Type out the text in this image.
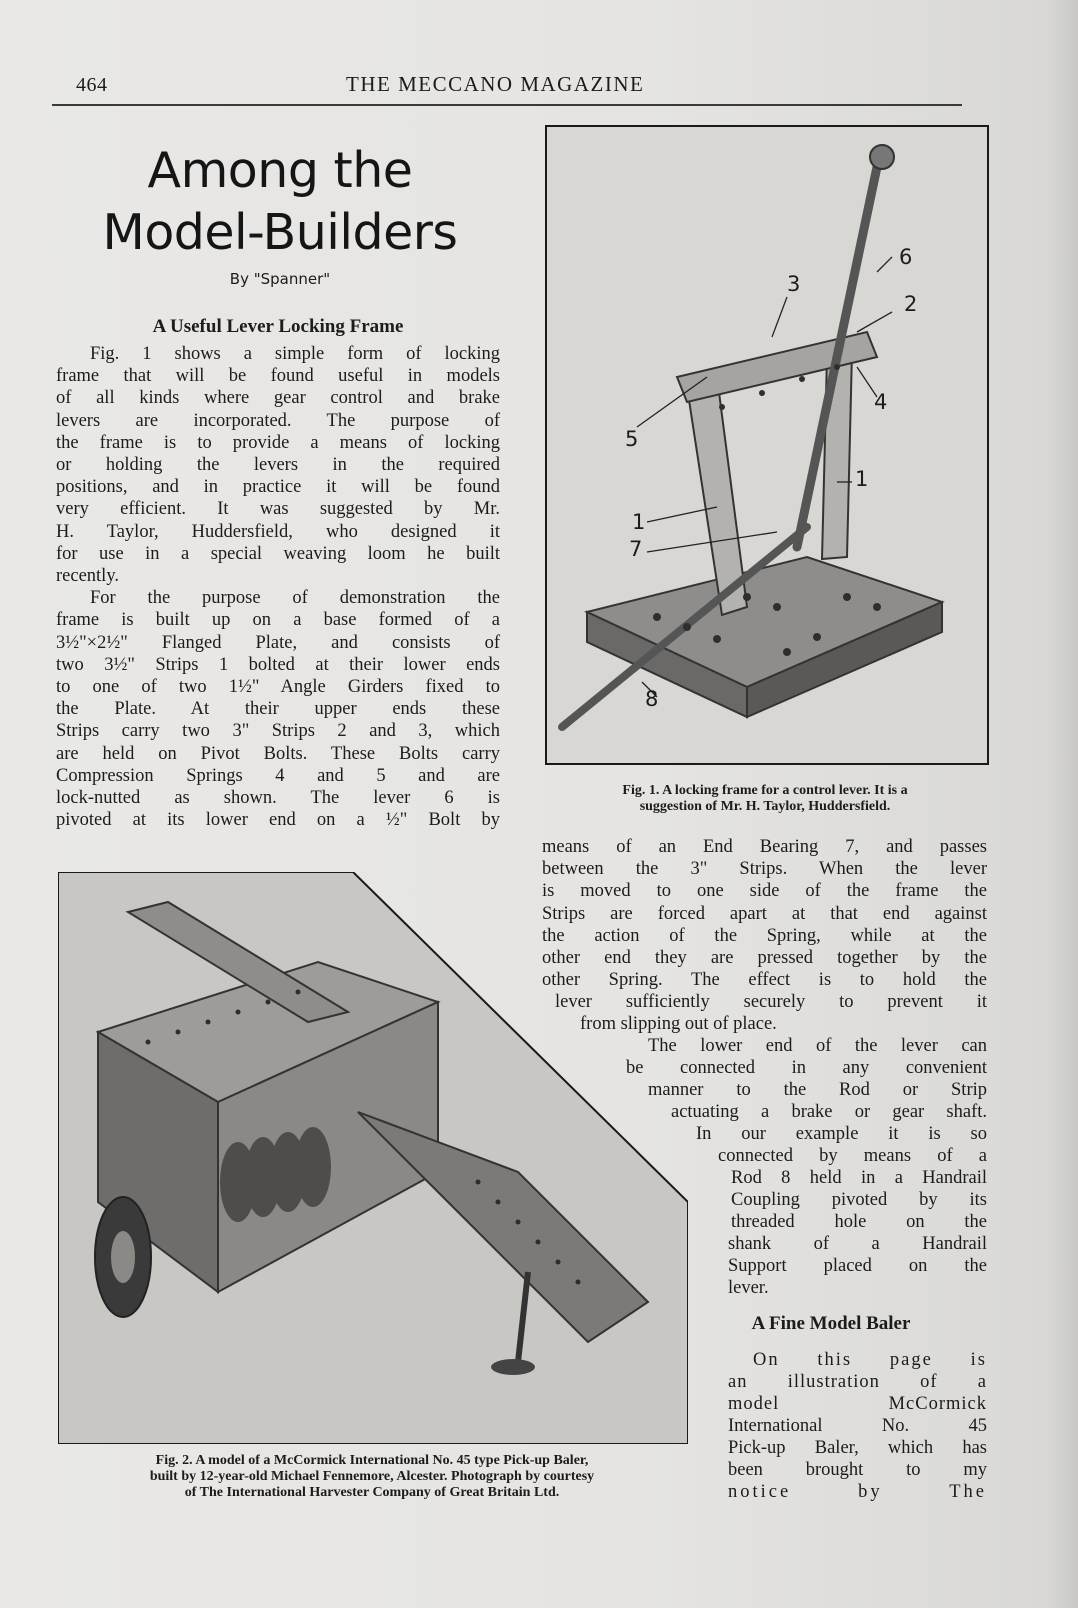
464	THE MECCANO MAGAZINE
Among the
Model-Builders
By "Spanner"
A Useful Lever Locking Frame

Fig. 1 shows a simple form of locking

frame that will be found useful in models

of all kinds where gear control and brake

levers are incorporated. The purpose of

the frame is to provide a means of locking

or holding the levers in the required

positions, and in practice it will be found

very efficient. It was suggested by Mr.

H. Taylor, Huddersfield, who designed it

for use in a special weaving loom he built

recently.

For the purpose of demonstration the

frame is built up on a base formed of a

3½"×2½" Flanged Plate, and consists of

two 3½" Strips 1 bolted at their lower ends

to one of two 1½" Angle Girders fixed to

the Plate. At their upper ends these

Strips carry two 3" Strips 2 and 3, which

are held on Pivot Bolts. These Bolts carry

Compression Springs 4 and 5 and are

lock-nutted as shown. The lever 6 is

pivoted at its lower end on a ½" Bolt by

6
3
2
4
5
1
1
7
8
Fig. 1. A locking frame for a control lever. It is a
suggestion of Mr. H. Taylor, Huddersfield.

means of an End Bearing 7, and passes

between the 3" Strips. When the lever

is moved to one side of the frame the

Strips are forced apart at that end against

the action of the Spring, while at the

other end they are pressed together by the

other Spring. The effect is to hold the

lever sufficiently securely to prevent it
from slipping out of place.
The lower end of the lever can
be connected in any convenient
manner to the Rod or Strip
actuating a brake or gear shaft.
In our example it is so
connected by means of a
Rod 8 held in a Handrail
Coupling pivoted by its
threaded hole on the
shank of a Handrail
Support placed on the
lever.
A Fine Model Baler
On this page is
an illustration of a
model McCormick
International No. 45
Pick-up Baler, which has
been brought to my
notice by The
Fig. 2. A model of a McCormick International No. 45 type Pick-up Baler,
built by 12-year-old Michael Fennemore, Alcester. Photograph by courtesy
of The International Harvester Company of Great Britain Ltd.
